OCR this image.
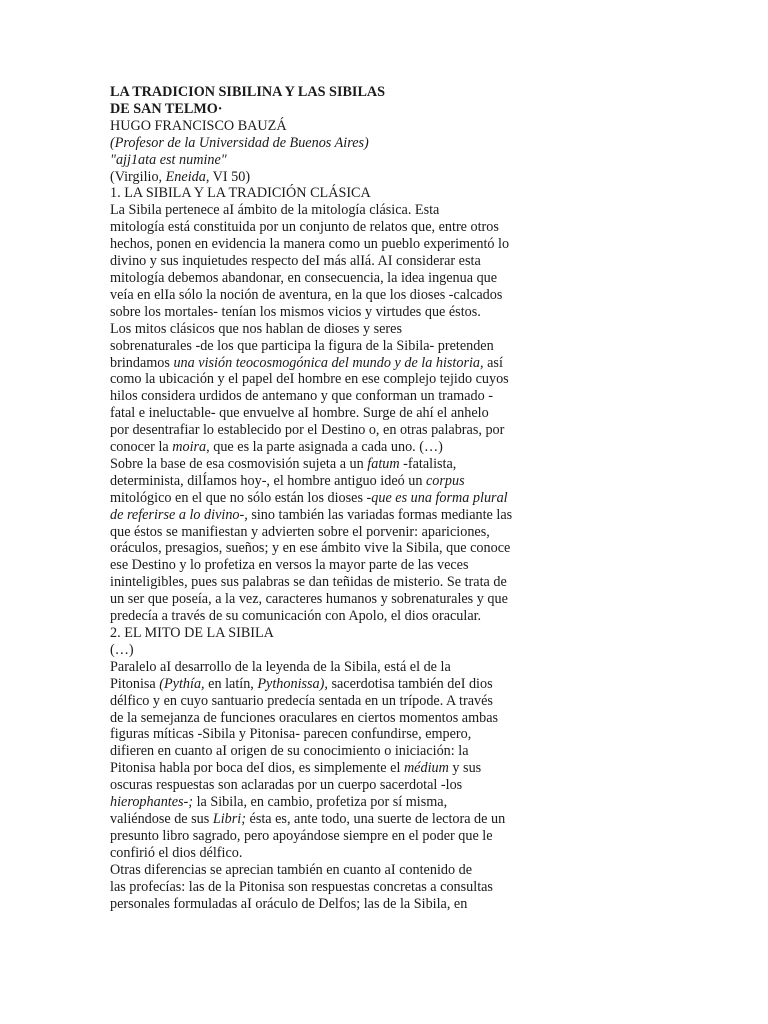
LA TRADICION SIBILINA Y LAS SIBILAS
DE SAN TELMO·
HUGO FRANCISCO BAUZÁ
(Profesor de la Universidad de Buenos Aires)
"ajj1ata est numine"
(Virgilio, Eneida, VI 50)
1. LA SIBILA Y LA TRADICIÓN CLÁSICA
La Sibila pertenece aI ámbito de la mitología clásica. Esta
mitología está constituida por un conjunto de relatos que, entre otros
hechos, ponen en evidencia la manera como un pueblo experimentó lo
divino y sus inquietudes respecto deI más alIá. AI considerar esta
mitología debemos abandonar, en consecuencia, la idea ingenua que
veía en elIa sólo la noción de aventura, en la que los dioses -calcados
sobre los mortales- tenían los mismos vicios y virtudes que éstos.
Los mitos clásicos que nos hablan de dioses y seres
sobrenaturales -de los que participa la figura de la Sibila- pretenden
brindamos una visión teocosmogónica del mundo y de la historia, así
como la ubicación y el papel deI hombre en ese complejo tejido cuyos
hilos considera urdidos de antemano y que conforman un tramado -
fatal e ineluctable- que envuelve aI hombre. Surge de ahí el anhelo
por desentrafiar lo establecido por el Destino o, en otras palabras, por
conocer la moira, que es la parte asignada a cada uno. (…)
Sobre la base de esa cosmovisión sujeta a un fatum -fatalista,
determinista, dilÍamos hoy-, el hombre antiguo ideó un corpus
mitológico en el que no sólo están los dioses -que es una forma plural
de referirse a lo divino-, sino también las variadas formas mediante las
que éstos se manifiestan y advierten sobre el porvenir: apariciones,
oráculos, presagios, sueños; y en ese ámbito vive la Sibila, que conoce
ese Destino y lo profetiza en versos la mayor parte de las veces
ininteligibles, pues sus palabras se dan teñidas de misterio. Se trata de
un ser que poseía, a la vez, caracteres humanos y sobrenaturales y que
predecía a través de su comunicación con Apolo, el dios oracular.
2. EL MITO DE LA SIBILA
(…)
Paralelo aI desarrollo de la leyenda de la Sibila, está el de la
Pitonisa (Pythía, en latín, Pythonissa), sacerdotisa también deI dios
délfico y en cuyo santuario predecía sentada en un trípode. A través
de la semejanza de funciones oraculares en ciertos momentos ambas
figuras míticas -Sibila y Pitonisa- parecen confundirse, empero,
difieren en cuanto aI origen de su conocimiento o iniciación: la
Pitonisa habla por boca deI dios, es simplemente el médium y sus
oscuras respuestas son aclaradas por un cuerpo sacerdotal -los
hierophantes-; la Sibila, en cambio, profetiza por sí misma,
valiéndose de sus Libri; ésta es, ante todo, una suerte de lectora de un
presunto libro sagrado, pero apoyándose siempre en el poder que le
confirió el dios délfico.
Otras diferencias se aprecian también en cuanto aI contenido de
las profecías: las de la Pitonisa son respuestas concretas a consultas
personales formuladas aI oráculo de Delfos; las de la Sibila, en
